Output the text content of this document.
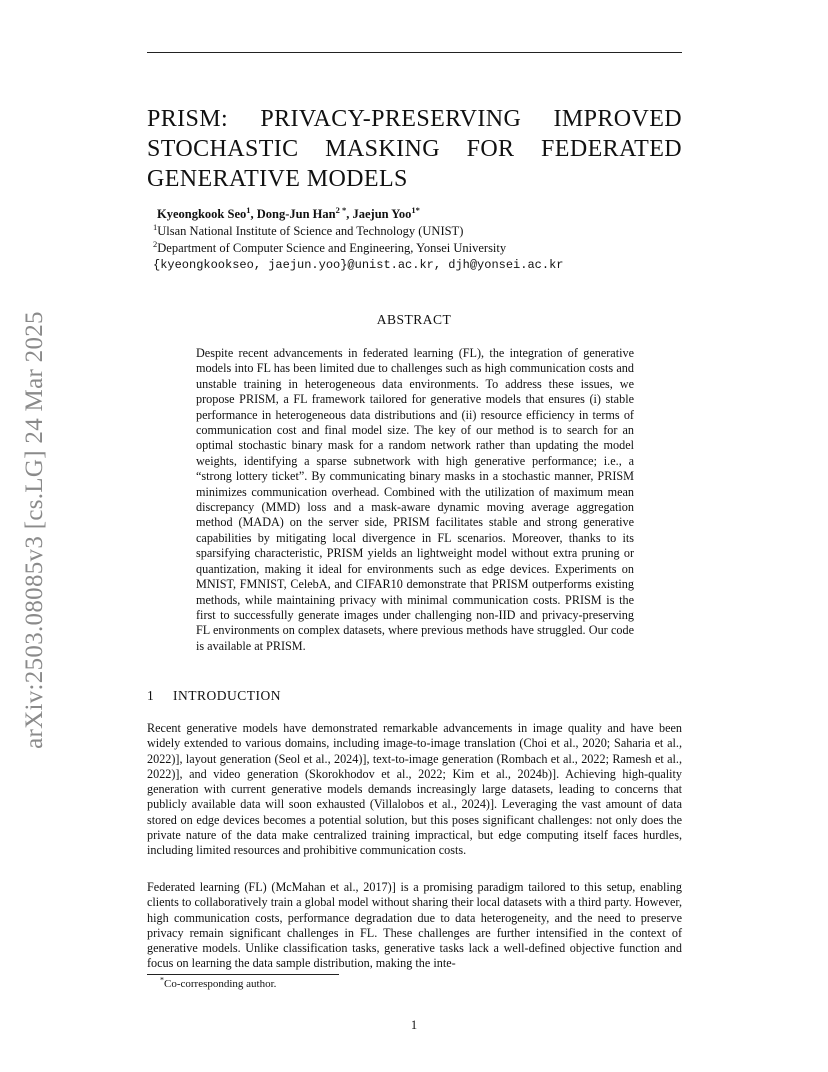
arXiv:2503.08085v3 [cs.LG] 24 Mar 2025
PRISM: PRIVACY-PRESERVING IMPROVED
STOCHASTIC MASKING FOR FEDERATED
GENERATIVE MODELS
Kyeongkook Seo$^1$, Dong-Jun Han$^{2 *}$, Jaejun Yoo$^{1*}$
$^1$Ulsan National Institute of Science and Technology (UNIST)
$^2$Department of Computer Science and Engineering, Yonsei University
{kyeongkookseo, jaejun.yoo}@unist.ac.kr, djh@yonsei.ac.kr
ABSTRACT
Despite recent advancements in federated learning (FL), the integration of generative models into FL has been limited due to challenges such as high communication costs and unstable training in heterogeneous data environments. To address these issues, we propose PRISM, a FL framework tailored for generative models that ensures (i) stable performance in heterogeneous data distributions and (ii) resource efficiency in terms of communication cost and final model size. The key of our method is to search for an optimal stochastic binary mask for a random network rather than updating the model weights, identifying a sparse subnetwork with high generative performance; i.e., a “strong lottery ticket”. By communicating binary masks in a stochastic manner, PRISM minimizes communication overhead. Combined with the utilization of maximum mean discrepancy (MMD) loss and a mask-aware dynamic moving average aggregation method (MADA) on the server side, PRISM facilitates stable and strong generative capabilities by mitigating local divergence in FL scenarios. Moreover, thanks to its sparsifying characteristic, PRISM yields an lightweight model without extra pruning or quantization, making it ideal for environments such as edge devices. Experiments on MNIST, FMNIST, CelebA, and CIFAR10 demonstrate that PRISM outperforms existing methods, while maintaining privacy with minimal communication costs. PRISM is the first to successfully generate images under challenging non-IID and privacy-preserving FL environments on complex datasets, where previous methods have struggled. Our code is available at PRISM.
1 INTRODUCTION
Recent generative models have demonstrated remarkable advancements in image quality and have been widely extended to various domains, including image-to-image translation (Choi et al., 2020; Saharia et al., 2022)], layout generation (Seol et al., 2024)], text-to-image generation (Rombach et al., 2022; Ramesh et al., 2022)], and video generation (Skorokhodov et al., 2022; Kim et al., 2024b)]. Achieving high-quality generation with current generative models demands increasingly large datasets, leading to concerns that publicly available data will soon exhausted (Villalobos et al., 2024)]. Leveraging the vast amount of data stored on edge devices becomes a potential solution, but this poses significant challenges: not only does the private nature of the data make centralized training impractical, but edge computing itself faces hurdles, including limited resources and prohibitive communication costs.
Federated learning (FL) (McMahan et al., 2017)] is a promising paradigm tailored to this setup, enabling clients to collaboratively train a global model without sharing their local datasets with a third party. However, high communication costs, performance degradation due to data heterogeneity, and the need to preserve privacy remain significant challenges in FL. These challenges are further intensified in the context of generative models. Unlike classification tasks, generative tasks lack a well-defined objective function and focus on learning the data sample distribution, making the inte-
*Co-corresponding author.
1
